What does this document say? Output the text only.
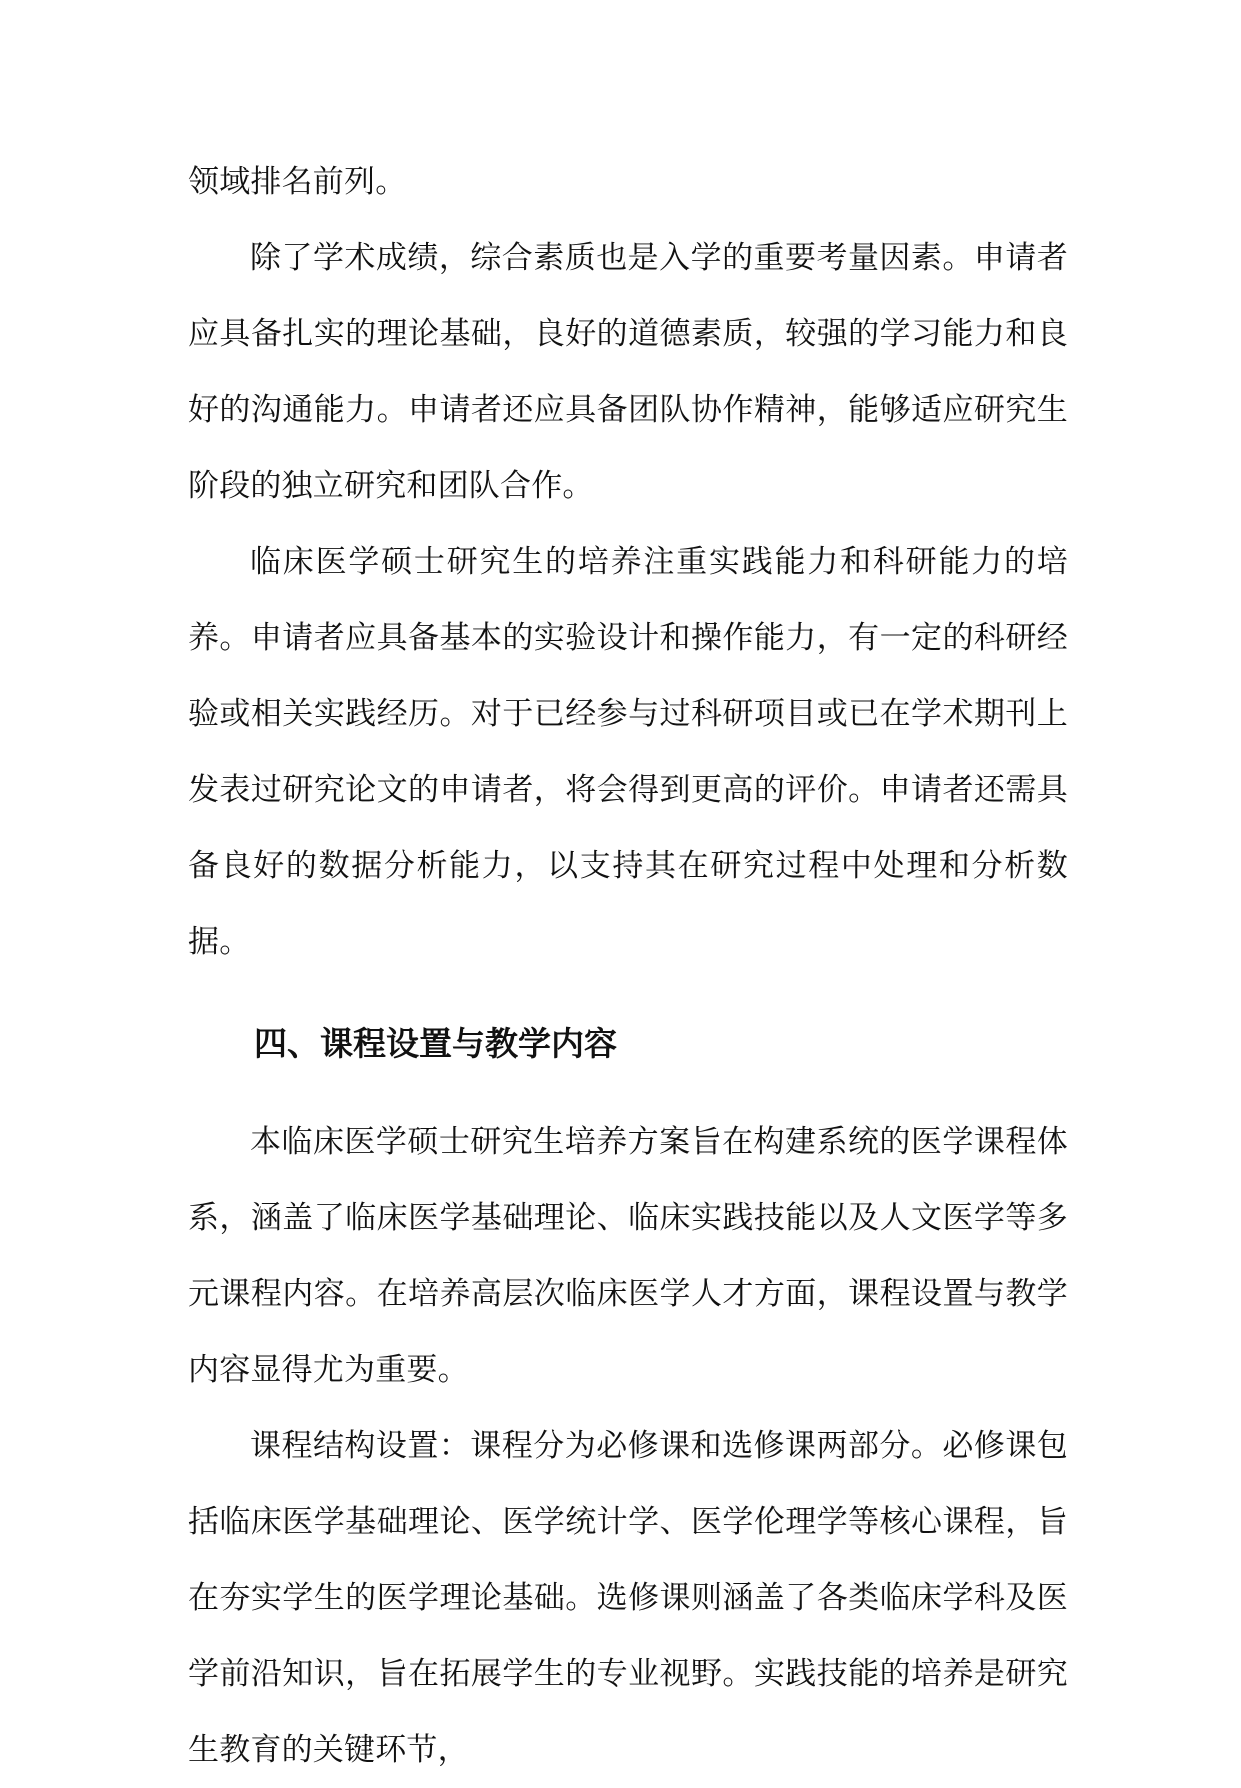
领域排名前列。

除了学术成绩，综合素质也是入学的重要考量因素。申请者应具备扎实的理论基础，良好的道德素质，较强的学习能力和良好的沟通能力。申请者还应具备团队协作精神，能够适应研究生阶段的独立研究和团队合作。

临床医学硕士研究生的培养注重实践能力和科研能力的培养。申请者应具备基本的实验设计和操作能力，有一定的科研经验或相关实践经历。对于已经参与过科研项目或已在学术期刊上发表过研究论文的申请者，将会得到更高的评价。申请者还需具备良好的数据分析能力，以支持其在研究过程中处理和分析数据。

四、课程设置与教学内容

本临床医学硕士研究生培养方案旨在构建系统的医学课程体系，涵盖了临床医学基础理论、临床实践技能以及人文医学等多元课程内容。在培养高层次临床医学人才方面，课程设置与教学内容显得尤为重要。

课程结构设置：课程分为必修课和选修课两部分。必修课包括临床医学基础理论、医学统计学、医学伦理学等核心课程，旨在夯实学生的医学理论基础。选修课则涵盖了各类临床学科及医学前沿知识，旨在拓展学生的专业视野。实践技能的培养是研究生教育的关键环节，
